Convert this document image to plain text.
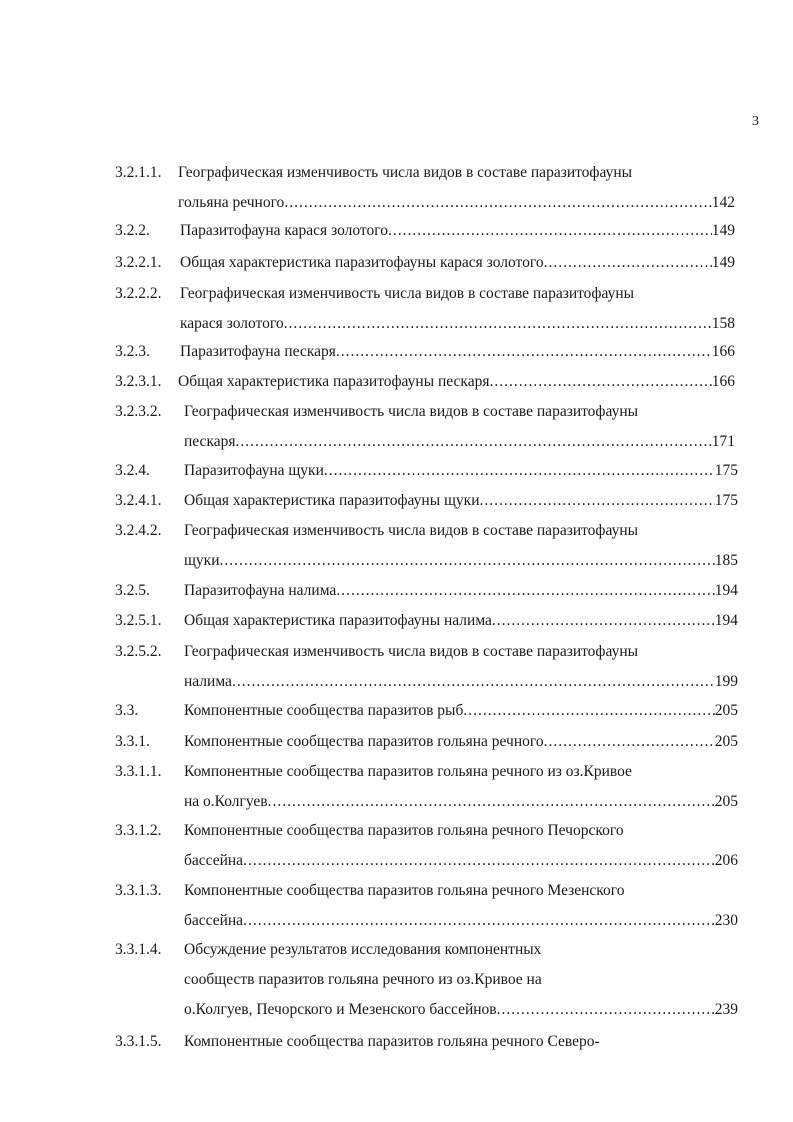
3
3.2.1.1. Географическая изменчивость числа видов в составе паразитофауны
гольяна речного .....	142
3.2.2. Паразитофауна карася золотого .....	149
3.2.2.1. Общая характеристика паразитофауны карася золотого .....	149
3.2.2.2. Географическая изменчивость числа видов в составе паразитофауны
карася золотого .....	158
3.2.3. Паразитофауна пескаря .....	166
3.2.3.1. Общая характеристика паразитофауны пескаря .....	166
3.2.3.2. Географическая изменчивость числа видов в составе паразитофауны
пескаря .....	171
3.2.4. Паразитофауна щуки .....	175
3.2.4.1. Общая характеристика паразитофауны щуки .....	175
3.2.4.2. Географическая изменчивость числа видов в составе паразитофауны
щуки .....	185
3.2.5. Паразитофауна налима .....	194
3.2.5.1. Общая характеристика паразитофауны налима .....	194
3.2.5.2. Географическая изменчивость числа видов в составе паразитофауны
налима .....	199
3.3.	Компонентные сообщества паразитов рыб .....	205
3.3.1. Компонентные сообщества паразитов гольяна речного .....	205
3.3.1.1. Компонентные сообщества паразитов гольяна речного из оз.Кривое
на о.Колгуев .....	205
3.3.1.2. Компонентные сообщества паразитов гольяна речного Печорского
бассейна .....	206
3.3.1.3. Компонентные сообщества паразитов гольяна речного Мезенского
бассейна .....	230
3.3.1.4. Обсуждение результатов исследования компонентных
сообществ паразитов гольяна речного из оз.Кривое на
о.Колгуев, Печорского и Мезенского бассейнов .....	239
3.3.1.5. Компонентные сообщества паразитов гольяна речного Северо-
